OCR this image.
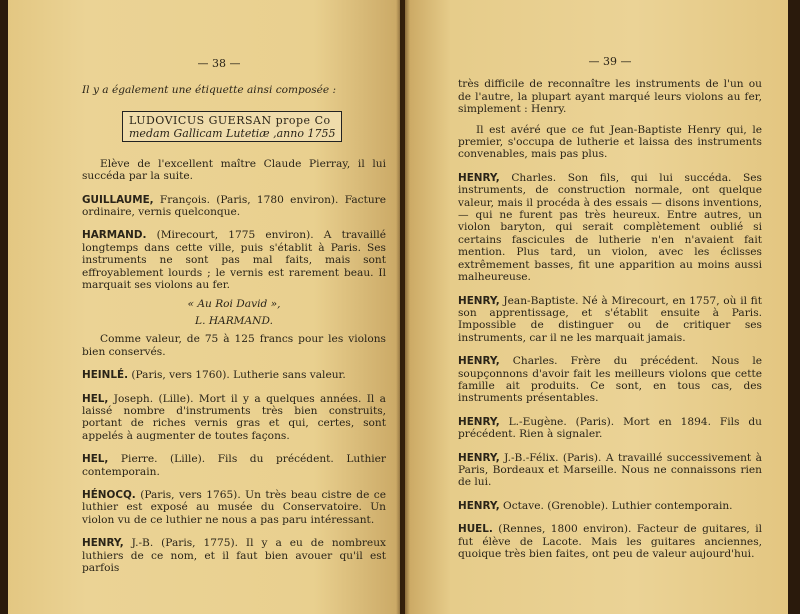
— 38 —
Il y a également une étiquette ainsi composée :
LUDOVICUS GUERSAN prope Co
medam Gallicam Lutetiæ ,anno 1755

Elève de l'excellent maître Claude Pierray, il lui succéda par la suite.

GUILLAUME, François. (Paris, 1780 environ). Facture ordinaire, vernis quelconque.

HARMAND. (Mirecourt, 1775 environ). A travaillé longtemps dans cette ville, puis s'établit à Paris. Ses instruments ne sont pas mal faits, mais sont effroyablement lourds ; le vernis est rarement beau. Il marquait ses violons au fer.

« Au Roi David »,
L. HARMAND.

Comme valeur, de 75 à 125 francs pour les violons bien conservés.

HEINLÉ. (Paris, vers 1760). Lutherie sans valeur.

HEL, Joseph. (Lille). Mort il y a quelques années. Il a laissé nombre d'instruments très bien construits, portant de riches vernis gras et qui, certes, sont appelés à augmenter de toutes façons.

HEL, Pierre. (Lille). Fils du précédent. Luthier contemporain.

HÉNOCQ. (Paris, vers 1765). Un très beau cistre de ce luthier est exposé au musée du Conservatoire. Un violon vu de ce luthier ne nous a pas paru intéressant.

HENRY, J.-B. (Paris, 1775). Il y a eu de nombreux luthiers de ce nom, et il faut bien avouer qu'il est parfois

— 39 —

très difficile de reconnaître les instruments de l'un ou de l'autre, la plupart ayant marqué leurs violons au fer, simplement : Henry.

Il est avéré que ce fut Jean-Baptiste Henry qui, le premier, s'occupa de lutherie et laissa des instruments convenables, mais pas plus.

HENRY, Charles. Son fils, qui lui succéda. Ses instruments, de construction normale, ont quelque valeur, mais il procéda à des essais — disons inventions, — qui ne furent pas très heureux. Entre autres, un violon baryton, qui serait complètement oublié si certains fascicules de lutherie n'en n'avaient fait mention. Plus tard, un violon, avec les éclisses extrêmement basses, fit une apparition au moins aussi malheureuse.

HENRY, Jean-Baptiste. Né à Mirecourt, en 1757, où il fit son apprentissage, et s'établit ensuite à Paris. Impossible de distinguer ou de critiquer ses instruments, car il ne les marquait jamais.

HENRY, Charles. Frère du précédent. Nous le soupçonnons d'avoir fait les meilleurs violons que cette famille ait produits. Ce sont, en tous cas, des instruments présentables.

HENRY, L.-Eugène. (Paris). Mort en 1894. Fils du précédent. Rien à signaler.

HENRY, J.-B.-Félix. (Paris). A travaillé successivement à Paris, Bordeaux et Marseille. Nous ne connaissons rien de lui.

HENRY, Octave. (Grenoble). Luthier contemporain.

HUEL. (Rennes, 1800 environ). Facteur de guitares, il fut élève de Lacote. Mais les guitares anciennes, quoique très bien faites, ont peu de valeur aujourd'hui.
